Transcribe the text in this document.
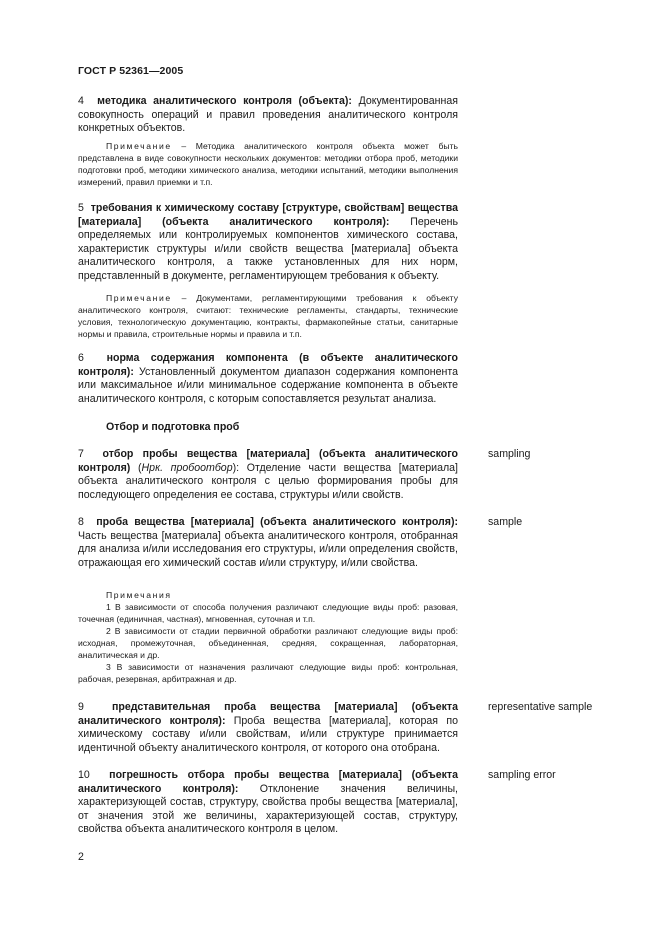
ГОСТ Р 52361—2005
4 методика аналитического контроля (объекта): Документированная совокупность операций и правил проведения аналитического контроля конкретных объектов.
Примечание – Методика аналитического контроля объекта может быть представлена в виде совокупности нескольких документов: методики отбора проб, методики подготовки проб, методики химического анализа, методики испытаний, методики выполнения измерений, правил приемки и т.п.
5 требования к химическому составу [структуре, свойствам] вещества [материала] (объекта аналитического контроля): Перечень определяемых или контролируемых компонентов химического состава, характеристик структуры и/или свойств вещества [материала] объекта аналитического контроля, а также установленных для них норм, представленный в документе, регламентирующем требования к объекту.
Примечание – Документами, регламентирующими требования к объекту аналитического контроля, считают: технические регламенты, стандарты, технические условия, технологическую документацию, контракты, фармакопейные статьи, санитарные нормы и правила, строительные нормы и правила и т.п.
6 норма содержания компонента (в объекте аналитического контроля): Установленный документом диапазон содержания компонента или максимальное и/или минимальное содержание компонента в объекте аналитического контроля, с которым сопоставляется результат анализа.
Отбор и подготовка проб
7 отбор пробы вещества [материала] (объекта аналитического контроля) (Нрк. пробоотбор): Отделение части вещества [материала] объекта аналитического контроля с целью формирования пробы для последующего определения ее состава, структуры и/или свойств.
sampling
8 проба вещества [материала] (объекта аналитического контроля): Часть вещества [материала] объекта аналитического контроля, отобранная для анализа и/или исследования его структуры, и/или определения свойств, отражающая его химический состав и/или структуру, и/или свойства.
sample

Примечания

1 В зависимости от способа получения различают следующие виды проб: разовая, точечная (единичная, частная), мгновенная, суточная и т.п.

2 В зависимости от стадии первичной обработки различают следующие виды проб: исходная, промежуточная, объединенная, средняя, сокращенная, лабораторная, аналитическая и др.

3 В зависимости от назначения различают следующие виды проб: контрольная, рабочая, резервная, арбитражная и др.

9	представительная проба вещества [материала] (объекта аналитического контроля): Проба вещества [материала], которая по химическому составу и/или свойствам, и/или структуре принимается идентичной объекту аналитического контроля, от которого она отобрана.
representative sample
10 погрешность отбора пробы вещества [материала] (объекта аналитического контроля): Отклонение значения величины, характеризующей состав, структуру, свойства пробы вещества [материала], от значения этой же величины, характеризующей состав, структуру, свойства объекта аналитического контроля в целом.
sampling error
2
